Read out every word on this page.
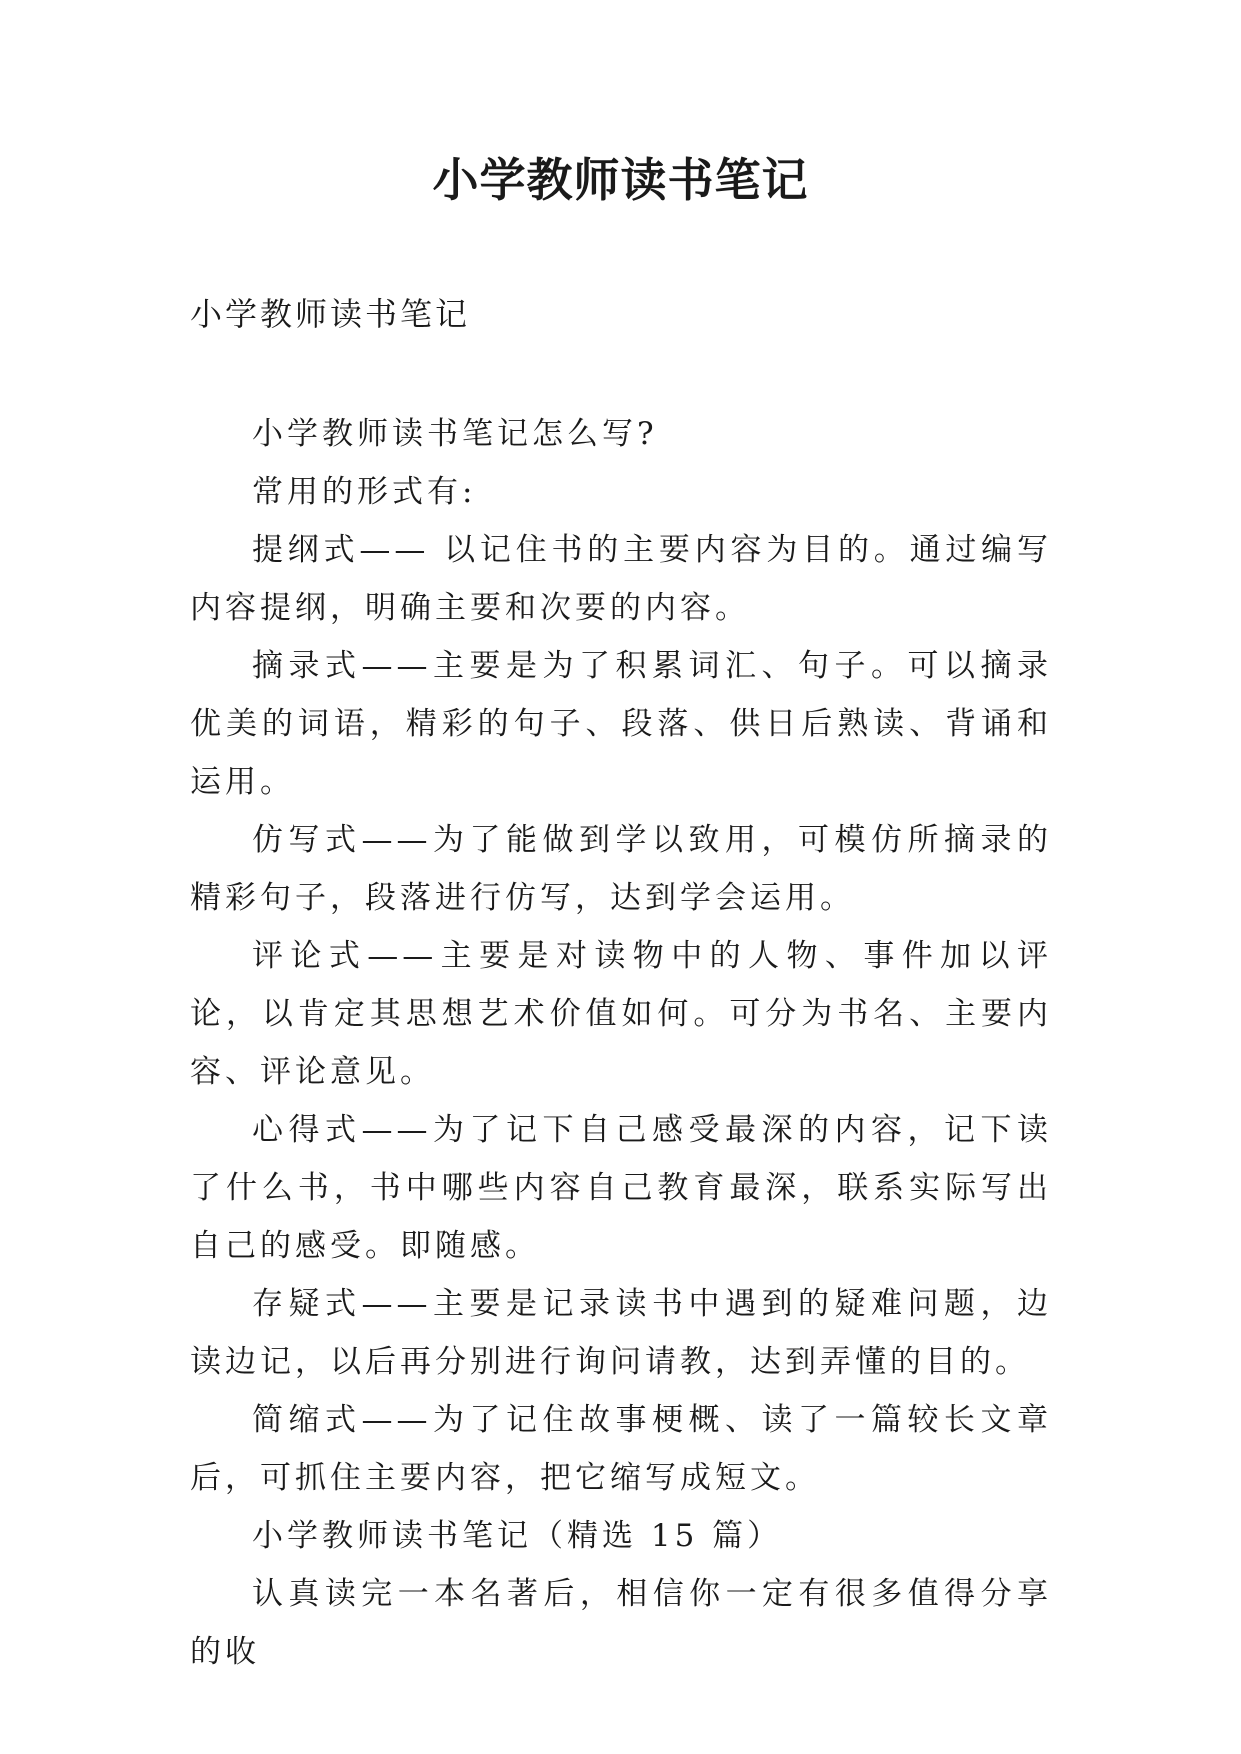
小学教师读书笔记

小学教师读书笔记

小学教师读书笔记怎么写?

常用的形式有:

提纲式—— 以记住书的主要内容为目的。通过编写内容提纲，明确主要和次要的内容。

摘录式——主要是为了积累词汇、句子。可以摘录优美的词语，精彩的句子、段落、供日后熟读、背诵和运用。

仿写式——为了能做到学以致用，可模仿所摘录的精彩句子，段落进行仿写，达到学会运用。

评论式——主要是对读物中的人物、事件加以评论，以肯定其思想艺术价值如何。可分为书名、主要内容、评论意见。

心得式——为了记下自己感受最深的内容，记下读了什么书，书中哪些内容自己教育最深，联系实际写出自己的感受。即随感。

存疑式——主要是记录读书中遇到的疑难问题，边读边记，以后再分别进行询问请教，达到弄懂的目的。

简缩式——为了记住故事梗概、读了一篇较长文章后，可抓住主要内容，把它缩写成短文。

小学教师读书笔记（精选 15 篇）

认真读完一本名著后，相信你一定有很多值得分享的收
